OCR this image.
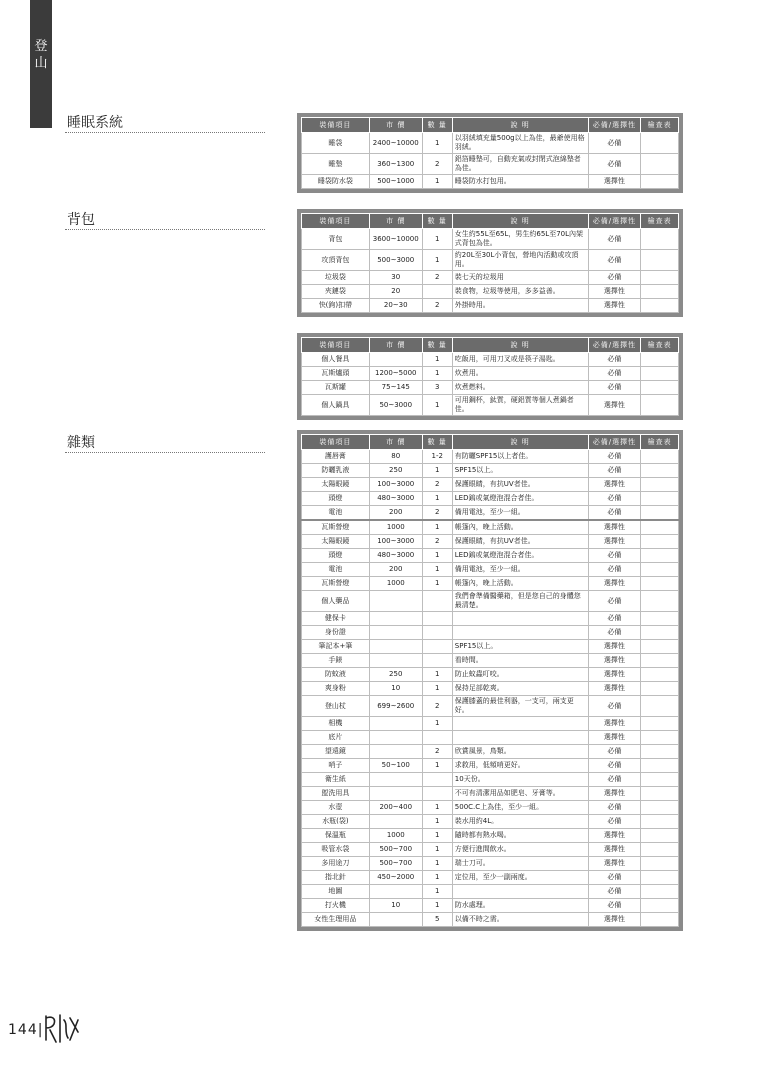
登山
睡眠系統
背包
雜類
裝備項目	市 價	數 量	說 明	必備/選擇性	檢查表
睡袋	2400~10000	1	以羽絨填充量500g以上為佳，最爺使用格羽絨。	必備	
睡墊	360~1300	2	鋁箔睡墊可，自動充氣或封閉式泡綿墊者為佳。	必備	
睡袋防水袋	500~1000	1	睡袋防水打包用。	選擇性	
裝備項目	市 價	數 量	說 明	必備/選擇性	檢查表
背包	3600~10000	1	女生約55L至65L，男生約65L至70L內架式背包為佳。	必備	
攻頂背包	500~3000	1	約20L至30L小背包，營地內活動或攻頂用。	必備	
垃圾袋	30	2	裝七天的垃圾用	必備	
夾鏈袋	20		裝食物，垃圾等使用，多多益善。	選擇性	
快(鉤)扣帶	20~30	2	外掛時用。	選擇性	
裝備項目	市 價	數 量	說 明	必備/選擇性	檢查表
個人餐具		1	吃飯用，可用刀叉或是筷子湯匙。	必備	
瓦斯爐頭	1200~5000	1	炊煮用。	必備	
瓦斯罐	75~145	3	炊煮燃料。	必備	
個人鍋具	50~3000	1	可用鋼杯，鈦質，硬鋁質等個人煮鍋者佳。	選擇性	
裝備項目	市 價	數 量	說 明	必備/選擇性	檢查表
護唇膏	80	1-2	有防曬SPF15以上者佳。	必備	
防曬乳液	250	1	SPF15以上。	必備	
太陽眼鏡	100~3000	2	保護眼睛，有抗UV者佳。	選擇性	
頭燈	480~3000	1	LED鎢或氣燈泡混合者佳。	必備	
電池	200	2	備用電池，至少一組。	必備	
瓦斯營燈	1000	1	帳篷內，晚上活動。	選擇性	
太陽眼鏡	100~3000	2	保護眼睛，有抗UV者佳。	選擇性	
頭燈	480~3000	1	LED鎢或氣燈泡混合者佳。	必備	
電池	200	1	備用電池，至少一組。	必備	
瓦斯營燈	1000	1	帳篷內，晚上活動。	選擇性	
個人藥品			我們會準備醫藥箱，但是您自己的身體您最清楚。	必備	
健保卡				必備	
身份證				必備	
筆記本+筆			SPF15以上。	選擇性	
手錶			看時間。	選擇性	
防蚊液	250	1	防止蚊蟲叮咬。	選擇性	
爽身粉	10	1	保持足部乾爽。	選擇性	
登山杖	699~2600	2	保護膝蓋的最佳利器，一支可，兩支更好。	必備	
相機		1		選擇性	
底片				選擇性	
望遠鏡		2	欣賞風景，鳥類。	必備	
哨子	50~100	1	求救用，低頻哨更好。	必備	
衛生紙			10天份。	必備	
盥洗用具			不可有清潔用品如肥皂、牙膏等。	選擇性	
水壺	200~400	1	500C.C上為佳，至少一組。	必備	
水瓶(袋)		1	裝水用約4L。	必備	
保溫瓶	1000	1	隨時都有熱水喝。	選擇性	
吸管水袋	500~700	1	方便行進間飲水。	選擇性	
多用途刀	500~700	1	瑞士刀可。	選擇性	
指北針	450~2000	1	定位用，至少一副兩度。	必備	
地圖		1		必備	
打火機	10	1	防水處理。	必備	
女性生理用品		5	以備不時之需。	選擇性	
144|
